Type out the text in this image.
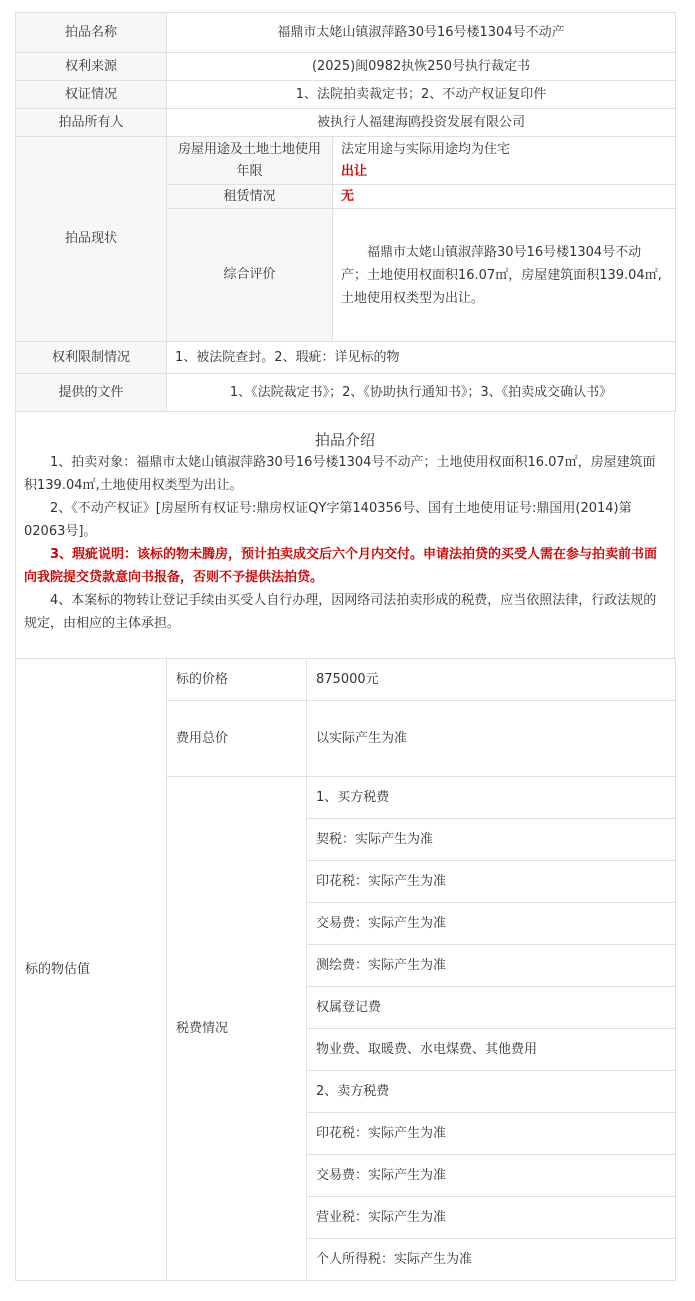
拍品名称	福鼎市太姥山镇淑萍路30号16号楼1304号不动产	
权利来源	(2025)闽0982执恢250号执行裁定书	
权证情况	1、法院拍卖裁定书；2、不动产权证复印件	
拍品所有人	被执行人福建海鸥投资发展有限公司	
拍品现状	房屋用途及土地土地使用年限	法定用途与实际用途均为住宅
出让

	租赁情况	无
	综合评价	福鼎市太姥山镇淑萍路30号16号楼1304号不动产；土地使用权面积16.07㎡，房屋建筑面积139.04㎡,土地使用权类型为出让。
权利限制情况	1、被法院查封。2、瑕疵：详见标的物	
提供的文件	1、《法院裁定书》；2、《协助执行通知书》；3、《拍卖成交确认书》	
拍品介绍

1、拍卖对象：福鼎市太姥山镇淑萍路30号16号楼1304号不动产；土地使用权面积16.07㎡，房屋建筑面积139.04㎡,土地使用权类型为出让。

2、《不动产权证》[房屋所有权证号:鼎房权证QY字第140356号、国有土地使用证号:鼎国用(2014)第02063号]。

3、瑕疵说明：该标的物未腾房，预计拍卖成交后六个月内交付。申请法拍贷的买受人需在参与拍卖前书面向我院提交贷款意向书报备，否则不予提供法拍贷。

4、本案标的物转让登记手续由买受人自行办理，因网络司法拍卖形成的税费，应当依照法律，行政法规的规定，由相应的主体承担。

标的物估值	标的价格	875000元
	费用总价	以实际产生为准
	税费情况	1、买方税费
		契税：实际产生为准
		印花税：实际产生为准
		交易费：实际产生为准
		测绘费：实际产生为准
		权属登记费
		物业费、取暖费、水电煤费、其他费用
		2、卖方税费
		印花税：实际产生为准
		交易费：实际产生为准
		营业税：实际产生为准
		个人所得税：实际产生为准
